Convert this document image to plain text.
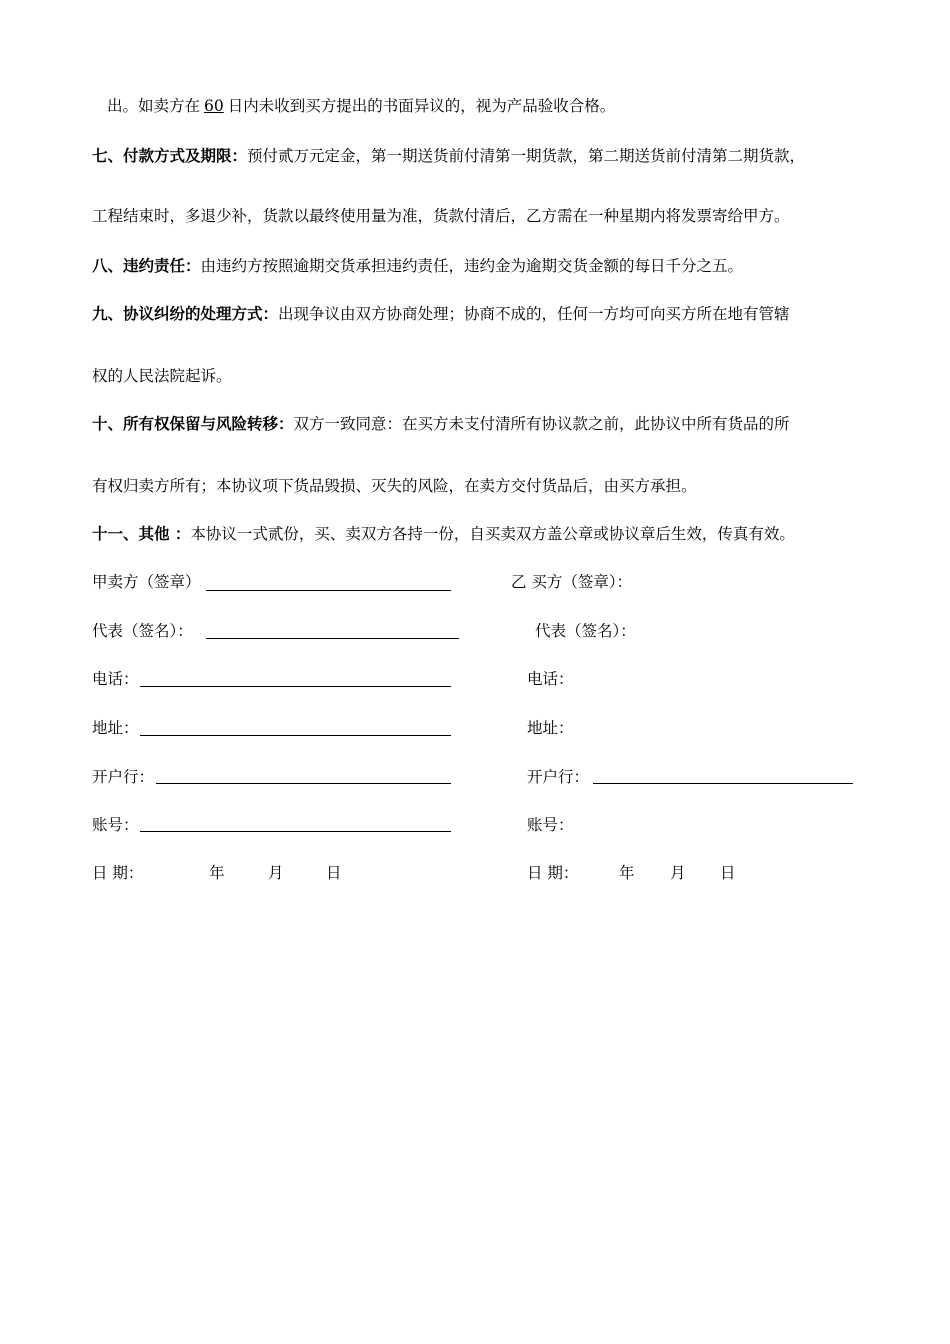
出。如卖方在 60 日内未收到买方提出的书面异议的，视为产品验收合格。
七、付款方式及期限：预付贰万元定金，第一期送货前付清第一期货款，第二期送货前付清第二期货款，
工程结束时，多退少补，货款以最终使用量为准，货款付清后，乙方需在一种星期内将发票寄给甲方。
八、违约责任：由违约方按照逾期交货承担违约责任，违约金为逾期交货金额的每日千分之五。
九、协议纠纷的处理方式：出现争议由双方协商处理；协商不成的，任何一方均可向买方所在地有管辖
权的人民法院起诉。
十、所有权保留与风险转移：双方一致同意：在买方未支付清所有协议款之前，此协议中所有货品的所
有权归卖方所有；本协议项下货品毁损、灭失的风险，在卖方交付货品后，由买方承担。
十一、其他 ：本协议一式贰份，买、卖双方各持一份，自买卖双方盖公章或协议章后生效，传真有效。
甲卖方（签章）	乙 买方（签章）：
代表（签名）：	代表（签名）：
电话：	电话：
地址：	地址：
开户行：	开户行：
账号：	账号：
日 期：	年	月	日	日 期：	年 月 日
